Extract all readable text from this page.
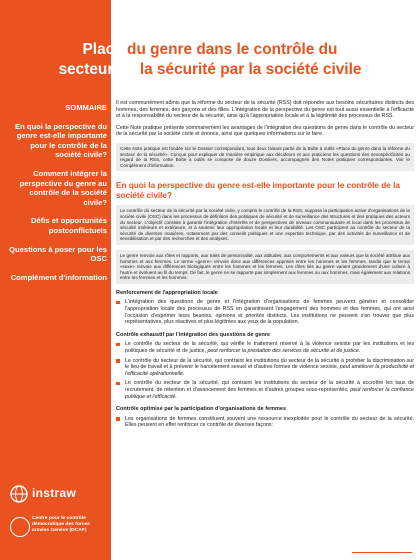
Place du genre dans le contrôle du
secteur de la sécurité par la société civile
SOMMAIRE
En quoi la perspective du genre est-elle importante pour le contrôle de la société civile?
Comment intégrer la perspective du genre au contrôle de la société civile?
Défis et opportunités postconflictuels
Questions à poser pour les OSC
Complément d'information
instraw
Centre pour le contrôle démocratique des forces armées Genève (DCAF)

Il est communément admis que la réforme du secteur de la sécurité (RSS) doit répondre aux besoins sécuritaires distincts des hommes, des femmes, des garçons et des filles. L'intégration de la perspective du genre est tout aussi essentielle à l'efficacité et à la responsabilité du secteur de la sécurité, ainsi qu'à l'appropriation locale et à la légitimité des processus de RSS.

Cette Note pratique présente sommairement les avantages de l'intégration des questions de genre dans le contrôle du secteur de la sécurité par la société civile et énonce, ainsi que quelques informations sur le faire.

Cette Note pratique est fondée sur le Dossier correspondant, tous deux faisant partie de la Boîte à outils «Place du genre dans la réforme du secteur de la sécurité». Conçue pour expliquer de manière empirique aux décideurs et aux praticiens les questions des sexospécificités au regard de la RSS, cette Boîte à outils se compose de douze Dossiers, accompagnés des Notes pratiques correspondantes. Voir le Complément d'information.
En quoi la perspective du genre est-elle importante pour le contrôle de la société civile?
Le contrôle du secteur de la sécurité par la société civile, y compris le contrôle de la RSS, suppose la participation active d'organisations de la société civile (OSC) dans les processus de définition des politiques de sécurité et de surveillance des structures et des pratiques des acteurs du secteur. L'objectif consiste à garantir l'intégration d'intérêts et de perspectives de niveaux communautaire et local dans les processus de sécurité intérieure et extérieure, et à soutenir leur appropriation locale et leur durabilité. Les OSC participent au contrôle du secteur de la sécurité de diverses manières, notamment par des conseils politiques et une expertise technique, par des activités de surveillance et de sensibilisation et par des recherches et des analyses.
Le genre renvoie aux rôles et rapports, aux traits de personnalité, aux attitudes, aux comportements et aux valeurs que la société attribue aux hommes et aux femmes. Le terme «genre» renvoie donc aux différences apprises entre les hommes et les femmes, tandis que le terme «sexe» renvoie aux différences biologiques entre les hommes et les femmes. Les rôles liés au genre varient grandement d'une culture à l'autre et évoluent au fil du temps. De fait, le genre ne se rapporte pas simplement aux femmes ou aux hommes, mais également aux relations entre les femmes et les hommes.
Renforcement de l'appropriation locale
L'intégration des questions de genre et l'intégration d'organisations de femmes peuvent générer et consolider l'appropriation locale des processus de RSS en garantissant l'engagement des hommes et des femmes, qui ont ainsi l'occasion d'exprimer leurs besoins, opinions et priorités distincts. Les institutions ne peuvent s'en trouver que plus représentatives, plus réactives et plus légitimes aux yeux de la population.
Contrôle exhaustif par l'intégration des questions de genre
Le contrôle du secteur de la sécurité, qui vérifie le traitement réservé à la violence sexiste par les institutions et les politiques de sécurité et de justice, peut renforcer la prestation des services de sécurité et de justice.
Le contrôle du secteur de la sécurité, qui contraint les institutions du secteur de la sécurité à prohiber la discrimination sur le lieu de travail et à prévenir le harcèlement sexuel et d'autres formes de violence sexiste, peut améliorer la productivité et l'efficacité opérationnelle.
Le contrôle du secteur de la sécurité, qui contraint les institutions du secteur de la sécurité à accroître les taux de recrutement, de rétention et d'avancement des femmes et d'autres groupes sous-représentés, peut renforcer la confiance publique et l'efficacité.
Contrôle optimisé par la participation d'organisations de femmes
Les organisations de femmes constituent souvent une ressource inexploitée pour le contrôle du secteur de la sécurité. Elles peuvent en effet renforcer ce contrôle de diverses façons:
